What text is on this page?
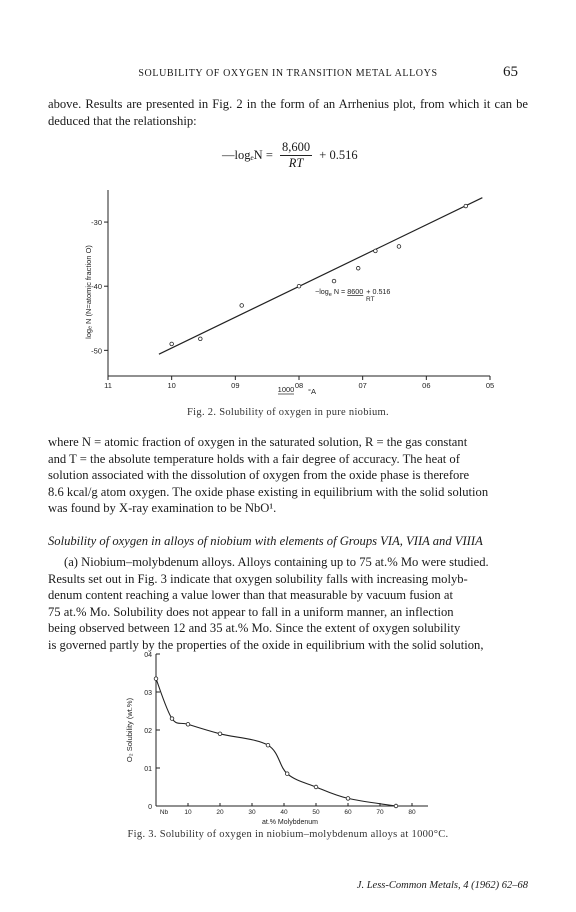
SOLUBILITY OF OXYGEN IN TRANSITION METAL ALLOYS	65
above. Results are presented in Fig. 2 in the form of an Arrhenius plot, from which it can be deduced that the relationship:
—logₑN = $\frac{8,600}{RT} + 0.516$
-30
-40
-50
11	10	09	08	07	06	05
logₑ N (N=atomic fraction O)
1000 °A
$-\log_e$ N = 8600 + 0.516
RT
Fig. 2. Solubility of oxygen in pure niobium.
where N = atomic fraction of oxygen in the saturated solution, R = the gas constant
and T = the absolute temperature holds with a fair degree of accuracy. The heat of
solution associated with the dissolution of oxygen from the oxide phase is therefore
8.6 kcal/g atom oxygen. The oxide phase existing in equilibrium with the solid solution
was found by X-ray examination to be NbO¹.
Solubility of oxygen in alloys of niobium with elements of Groups VIA, VIIA and VIIIA
(a) Niobium–molybdenum alloys. Alloys containing up to 75 at.% Mo were studied.
Results set out in Fig. 3 indicate that oxygen solubility falls with increasing molyb-
denum content reaching a value lower than that measurable by vacuum fusion at
75 at.% Mo. Solubility does not appear to fall in a uniform manner, an inflection
being observed between 12 and 35 at.% Mo. Since the extent of oxygen solubility
is governed partly by the properties of the oxide in equilibrium with the solid solution,
0
01
02
03
04
Nb 10	20	30	40	50	60	70	80
O₂ Solubility (wt.%)
at.% Molybdenum
Fig. 3. Solubility of oxygen in niobium–molybdenum alloys at 1000°C.
J. Less-Common Metals, 4 (1962) 62–68
